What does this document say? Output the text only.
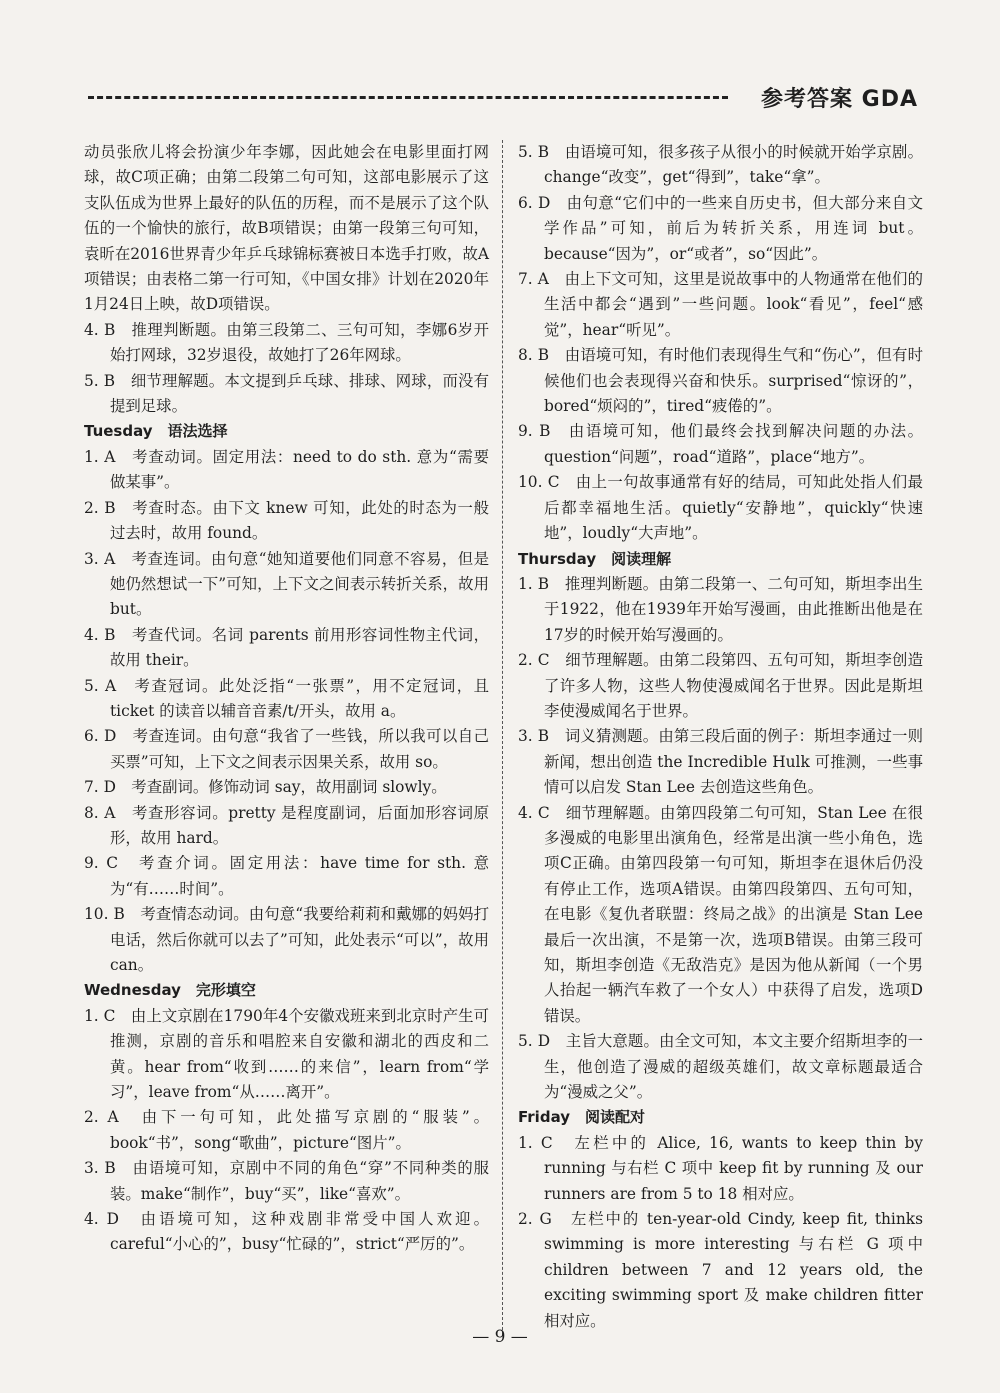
参考答案 GDA
动员张欣儿将会扮演少年李娜，因此她会在电影里面打网球，故C项正确；由第二段第二句可知，这部电影展示了这支队伍成为世界上最好的队伍的历程，而不是展示了这个队伍的一个愉快的旅行，故B项错误；由第一段第三句可知，袁昕在2016世界青少年乒乓球锦标赛被日本选手打败，故A项错误；由表格二第一行可知，《中国女排》计划在2020年1月24日上映，故D项错误。
4. B　推理判断题。由第三段第二、三句可知，李娜6岁开始打网球，32岁退役，故她打了26年网球。
5. B　细节理解题。本文提到乒乓球、排球、网球，而没有提到足球。
Tuesday　语法选择
1. A　考查动词。固定用法：need to do sth. 意为“需要做某事”。
2. B　考查时态。由下文 knew 可知，此处的时态为一般过去时，故用 found。
3. A　考查连词。由句意“她知道要他们同意不容易，但是她仍然想试一下”可知，上下文之间表示转折关系，故用 but。
4. B　考查代词。名词 parents 前用形容词性物主代词，故用 their。
5. A　考查冠词。此处泛指“一张票”，用不定冠词，且 ticket 的读音以辅音音素/t/开头，故用 a。
6. D　考查连词。由句意“我省了一些钱，所以我可以自己买票”可知，上下文之间表示因果关系，故用 so。
7. D　考查副词。修饰动词 say，故用副词 slowly。
8. A　考查形容词。pretty 是程度副词，后面加形容词原形，故用 hard。
9. C　考查介词。固定用法：have time for sth. 意为“有……时间”。
10. B　考查情态动词。由句意“我要给莉莉和戴娜的妈妈打电话，然后你就可以去了”可知，此处表示“可以”，故用 can。
Wednesday　完形填空
1. C　由上文京剧在1790年4个安徽戏班来到北京时产生可推测，京剧的音乐和唱腔来自安徽和湖北的西皮和二黄。hear from“收到……的来信”，learn from“学习”，leave from“从……离开”。
2. A　由下一句可知，此处描写京剧的“服装”。book“书”，song“歌曲”，picture“图片”。
3. B　由语境可知，京剧中不同的角色“穿”不同种类的服装。make“制作”，buy“买”，like“喜欢”。
4. D　由语境可知，这种戏剧非常受中国人欢迎。careful“小心的”，busy“忙碌的”，strict“严厉的”。
5. B　由语境可知，很多孩子从很小的时候就开始学京剧。change“改变”，get“得到”，take“拿”。
6. D　由句意“它们中的一些来自历史书，但大部分来自文学作品”可知，前后为转折关系，用连词 but。because“因为”，or“或者”，so“因此”。
7. A　由上下文可知，这里是说故事中的人物通常在他们的生活中都会“遇到”一些问题。look“看见”，feel“感觉”，hear“听见”。
8. B　由语境可知，有时他们表现得生气和“伤心”，但有时候他们也会表现得兴奋和快乐。surprised“惊讶的”，bored“烦闷的”，tired“疲倦的”。
9. B　由语境可知，他们最终会找到解决问题的办法。question“问题”，road“道路”，place“地方”。
10. C　由上一句故事通常有好的结局，可知此处指人们最后都幸福地生活。quietly“安静地”，quickly“快速地”，loudly“大声地”。
Thursday　阅读理解
1. B　推理判断题。由第二段第一、二句可知，斯坦李出生于1922，他在1939年开始写漫画，由此推断出他是在17岁的时候开始写漫画的。
2. C　细节理解题。由第二段第四、五句可知，斯坦李创造了许多人物，这些人物使漫威闻名于世界。因此是斯坦李使漫威闻名于世界。
3. B　词义猜测题。由第三段后面的例子：斯坦李通过一则新闻，想出创造 the Incredible Hulk 可推测，一些事情可以启发 Stan Lee 去创造这些角色。
4. C　细节理解题。由第四段第二句可知，Stan Lee 在很多漫威的电影里出演角色，经常是出演一些小角色，选项C正确。由第四段第一句可知，斯坦李在退休后仍没有停止工作，选项A错误。由第四段第四、五句可知，在电影《复仇者联盟：终局之战》的出演是 Stan Lee 最后一次出演，不是第一次，选项B错误。由第三段可知，斯坦李创造《无敌浩克》是因为他从新闻（一个男人抬起一辆汽车救了一个女人）中获得了启发，选项D错误。
5. D　主旨大意题。由全文可知，本文主要介绍斯坦李的一生，他创造了漫威的超级英雄们，故文章标题最适合为“漫威之父”。
Friday　阅读配对
1. C　左栏中的 Alice, 16, wants to keep thin by running 与右栏 C 项中 keep fit by running 及 our runners are from 5 to 18 相对应。
2. G　左栏中的 ten-year-old Cindy, keep fit, thinks swimming is more interesting 与右栏 G 项中 children between 7 and 12 years old, the exciting swimming sport 及 make children fitter 相对应。
— 9 —
